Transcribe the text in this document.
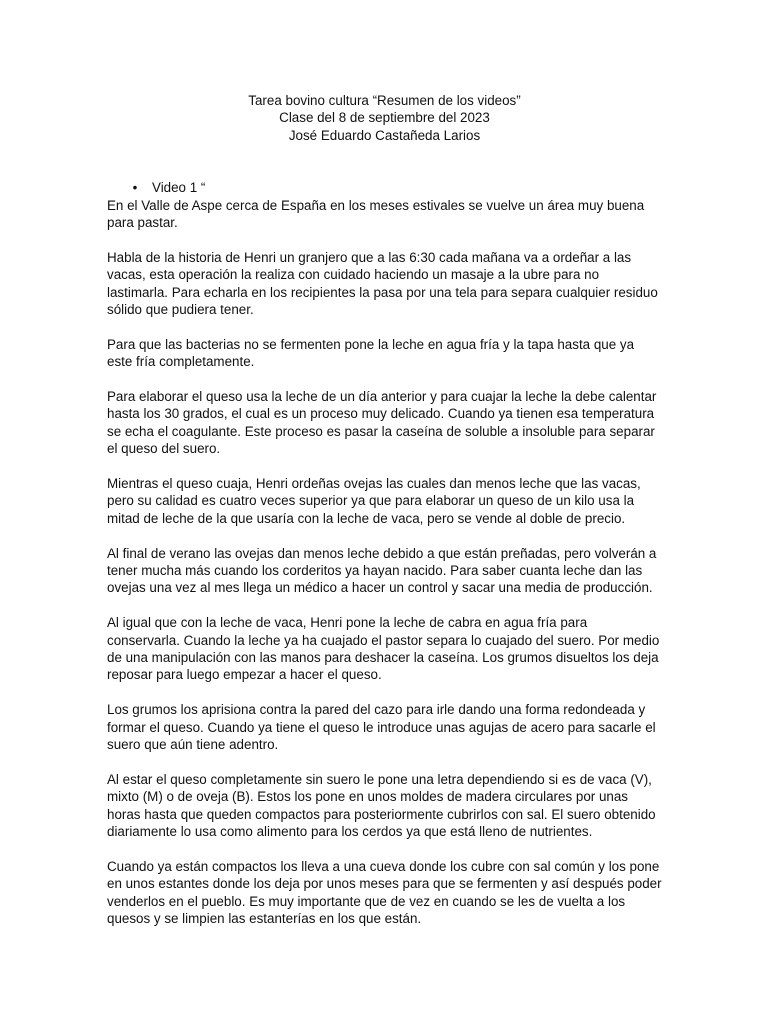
Tarea bovino cultura “Resumen de los videos”
Clase del 8 de septiembre del 2023
José Eduardo Castañeda Larios
• Video 1 “

En el Valle de Aspe cerca de España en los meses estivales se vuelve un área muy buena para pastar.

Habla de la historia de Henri un granjero que a las 6:30 cada mañana va a ordeñar a las vacas, esta operación la realiza con cuidado haciendo un masaje a la ubre para no lastimarla. Para echarla en los recipientes la pasa por una tela para separa cualquier residuo sólido que pudiera tener.

Para que las bacterias no se fermenten pone la leche en agua fría y la tapa hasta que ya este fría completamente.

Para elaborar el queso usa la leche de un día anterior y para cuajar la leche la debe calentar hasta los 30 grados, el cual es un proceso muy delicado. Cuando ya tienen esa temperatura se echa el coagulante. Este proceso es pasar la caseína de soluble a insoluble para separar el queso del suero.

Mientras el queso cuaja, Henri ordeñas ovejas las cuales dan menos leche que las vacas, pero su calidad es cuatro veces superior ya que para elaborar un queso de un kilo usa la mitad de leche de la que usaría con la leche de vaca, pero se vende al doble de precio.

Al final de verano las ovejas dan menos leche debido a que están preñadas, pero volverán a tener mucha más cuando los corderitos ya hayan nacido. Para saber cuanta leche dan las ovejas una vez al mes llega un médico a hacer un control y sacar una media de producción.

Al igual que con la leche de vaca, Henri pone la leche de cabra en agua fría para conservarla. Cuando la leche ya ha cuajado el pastor separa lo cuajado del suero. Por medio de una manipulación con las manos para deshacer la caseína. Los grumos disueltos los deja reposar para luego empezar a hacer el queso.

Los grumos los aprisiona contra la pared del cazo para irle dando una forma redondeada y formar el queso. Cuando ya tiene el queso le introduce unas agujas de acero para sacarle el suero que aún tiene adentro.

Al estar el queso completamente sin suero le pone una letra dependiendo si es de vaca (V), mixto (M) o de oveja (B). Estos los pone en unos moldes de madera circulares por unas horas hasta que queden compactos para posteriormente cubrirlos con sal. El suero obtenido diariamente lo usa como alimento para los cerdos ya que está lleno de nutrientes.

Cuando ya están compactos los lleva a una cueva donde los cubre con sal común y los pone en unos estantes donde los deja por unos meses para que se fermenten y así después poder venderlos en el pueblo. Es muy importante que de vez en cuando se les de vuelta a los quesos y se limpien las estanterías en los que están.
